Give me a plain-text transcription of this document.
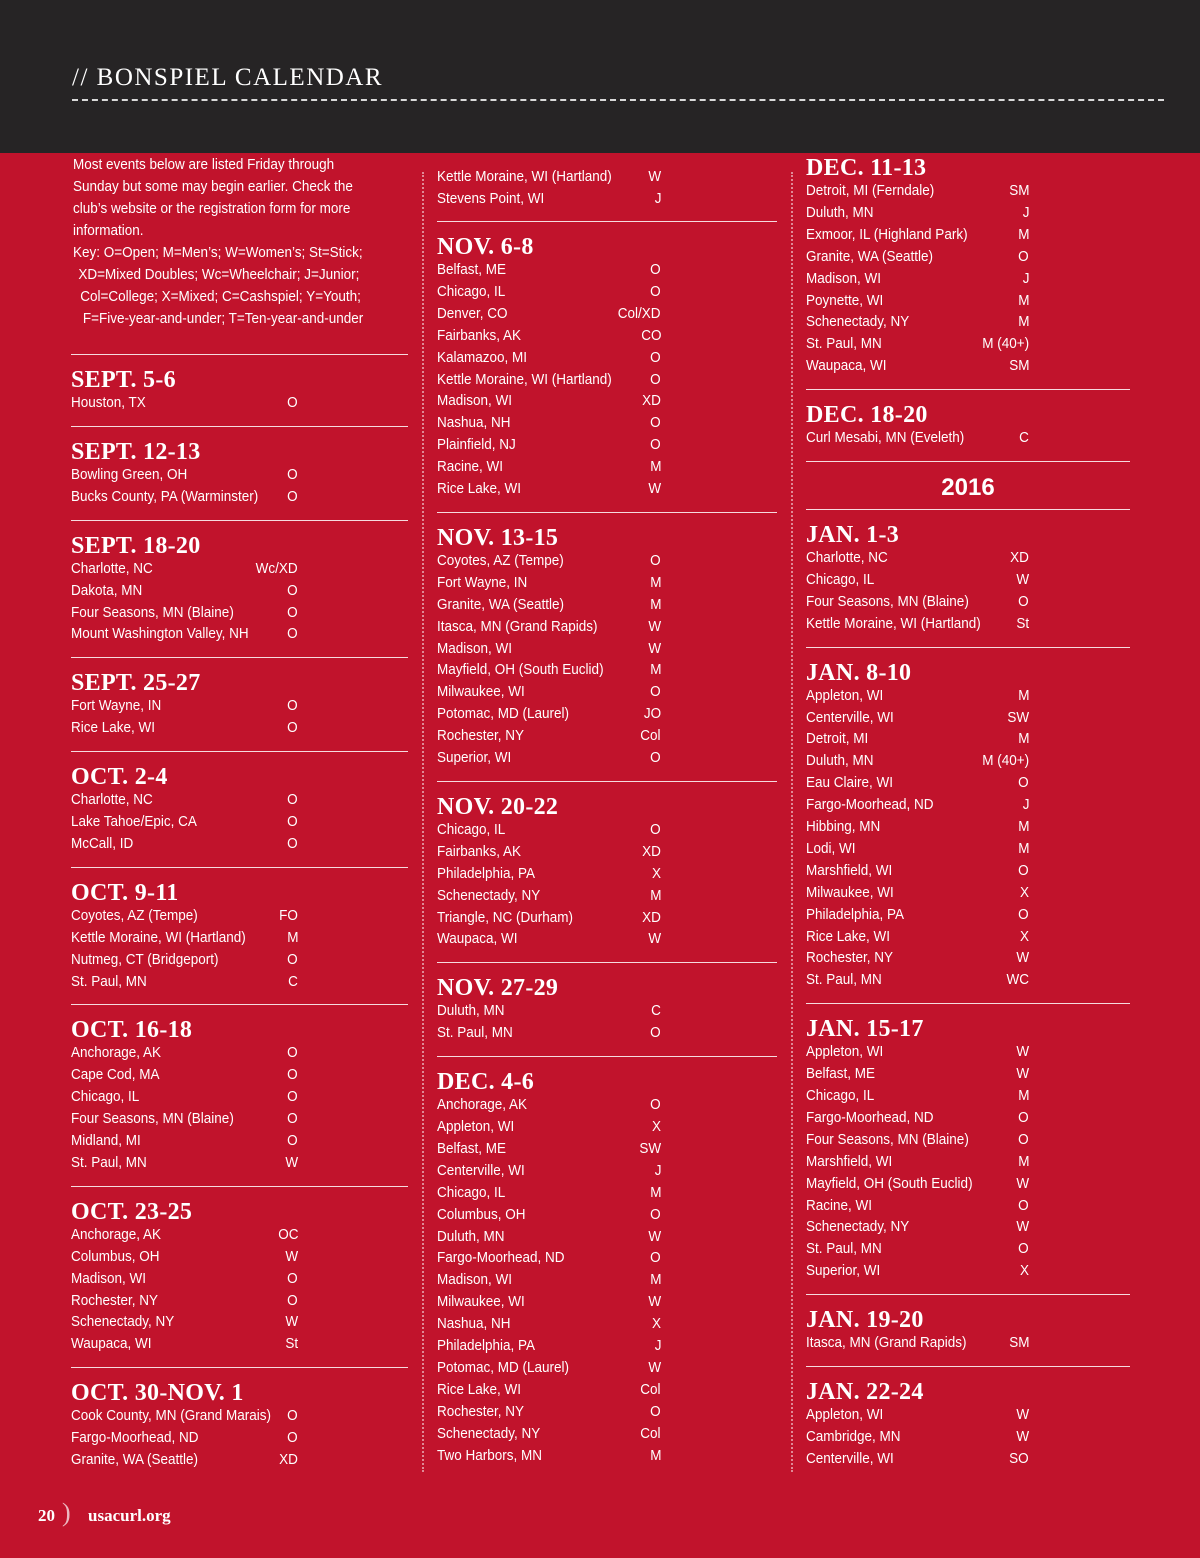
// BONSPIEL CALENDAR
Most events below are listed Friday through
Sunday but some may begin earlier. Check the
club’s website or the registration form for more
information.
Key: O=Open; M=Men’s; W=Women’s; St=Stick;
XD=Mixed Doubles; Wc=Wheelchair; J=Junior;
Col=College; X=Mixed; C=Cashspiel; Y=Youth;
F=Five-year-and-under; T=Ten-year-and-under
SEPT. 5-6
Houston, TX	O
SEPT. 12-13
Bowling Green, OH	O
Bucks County, PA (Warminster) O
SEPT. 18-20
Charlotte, NC	Wc/XD
Dakota, MN	O
Four Seasons, MN (Blaine)	O
Mount Washington Valley, NH	O
SEPT. 25-27
Fort Wayne, IN	O
Rice Lake, WI	O
OCT. 2-4
Charlotte, NC	O
Lake Tahoe/Epic, CA	O
McCall, ID	O
OCT. 9-11
Coyotes, AZ (Tempe)	FO
Kettle Moraine, WI (Hartland)	M
Nutmeg, CT (Bridgeport)	O
St. Paul, MN	C
OCT. 16-18
Anchorage, AK	O
Cape Cod, MA	O
Chicago, IL	O
Four Seasons, MN (Blaine)	O
Midland, MI	O
St. Paul, MN	W
OCT. 23-25
Anchorage, AK	OC
Columbus, OH	W
Madison, WI	O
Rochester, NY	O
Schenectady, NY	W
Waupaca, WI	St
OCT. 30-NOV. 1
Cook County, MN (Grand Marais) O
Fargo-Moorhead, ND	O
Granite, WA (Seattle)	XD
Kettle Moraine, WI (Hartland) W
Stevens Point, WI	J
NOV. 6-8
Belfast, ME	O
Chicago, IL	O
Denver, CO	Col/XD
Fairbanks, AK	CO
Kalamazoo, MI	O
Kettle Moraine, WI (Hartland)	O
Madison, WI	XD
Nashua, NH	O
Plainfield, NJ	O
Racine, WI	M
Rice Lake, WI	W
NOV. 13-15
Coyotes, AZ (Tempe)	O
Fort Wayne, IN	M
Granite, WA (Seattle)	M
Itasca, MN (Grand Rapids)	W
Madison, WI	W
Mayfield, OH (South Euclid)	M
Milwaukee, WI	O
Potomac, MD (Laurel)	JO
Rochester, NY	Col
Superior, WI	O
NOV. 20-22
Chicago, IL	O
Fairbanks, AK	XD
Philadelphia, PA	X
Schenectady, NY	M
Triangle, NC (Durham)	XD
Waupaca, WI	W
NOV. 27-29
Duluth, MN	C
St. Paul, MN	O
DEC. 4-6
Anchorage, AK	O
Appleton, WI	X
Belfast, ME	SW
Centerville, WI	J
Chicago, IL	M
Columbus, OH	O
Duluth, MN	W
Fargo-Moorhead, ND	O
Madison, WI	M
Milwaukee, WI	W
Nashua, NH	X
Philadelphia, PA	J
Potomac, MD (Laurel)	W
Rice Lake, WI	Col
Rochester, NY	O
Schenectady, NY	Col
Two Harbors, MN	M
DEC. 11-13
Detroit, MI (Ferndale)	SM
Duluth, MN	J
Exmoor, IL (Highland Park)	M
Granite, WA (Seattle)	O
Madison, WI	J
Poynette, WI	M
Schenectady, NY	M
St. Paul, MN	M (40+)
Waupaca, WI	SM
DEC. 18-20
Curl Mesabi, MN (Eveleth)	C
JAN. 1-3
Charlotte, NC	XD
Chicago, IL	W
Four Seasons, MN (Blaine)	O
Kettle Moraine, WI (Hartland) St
JAN. 8-10
Appleton, WI	M
Centerville, WI	SW
Detroit, MI	M
Duluth, MN	M (40+)
Eau Claire, WI	O
Fargo-Moorhead, ND	J
Hibbing, MN	M
Lodi, WI	M
Marshfield, WI	O
Milwaukee, WI	X
Philadelphia, PA	O
Rice Lake, WI	X
Rochester, NY	W
St. Paul, MN	WC
JAN. 15-17
Appleton, WI	W
Belfast, ME	W
Chicago, IL	M
Fargo-Moorhead, ND	O
Four Seasons, MN (Blaine)	O
Marshfield, WI	M
Mayfield, OH (South Euclid)	W
Racine, WI	O
Schenectady, NY	W
St. Paul, MN	O
Superior, WI	X
JAN. 19-20
Itasca, MN (Grand Rapids)	SM
JAN. 22-24
Appleton, WI	W
Cambridge, MN	W
Centerville, WI	SO
2016
20 ) usacurl.org
